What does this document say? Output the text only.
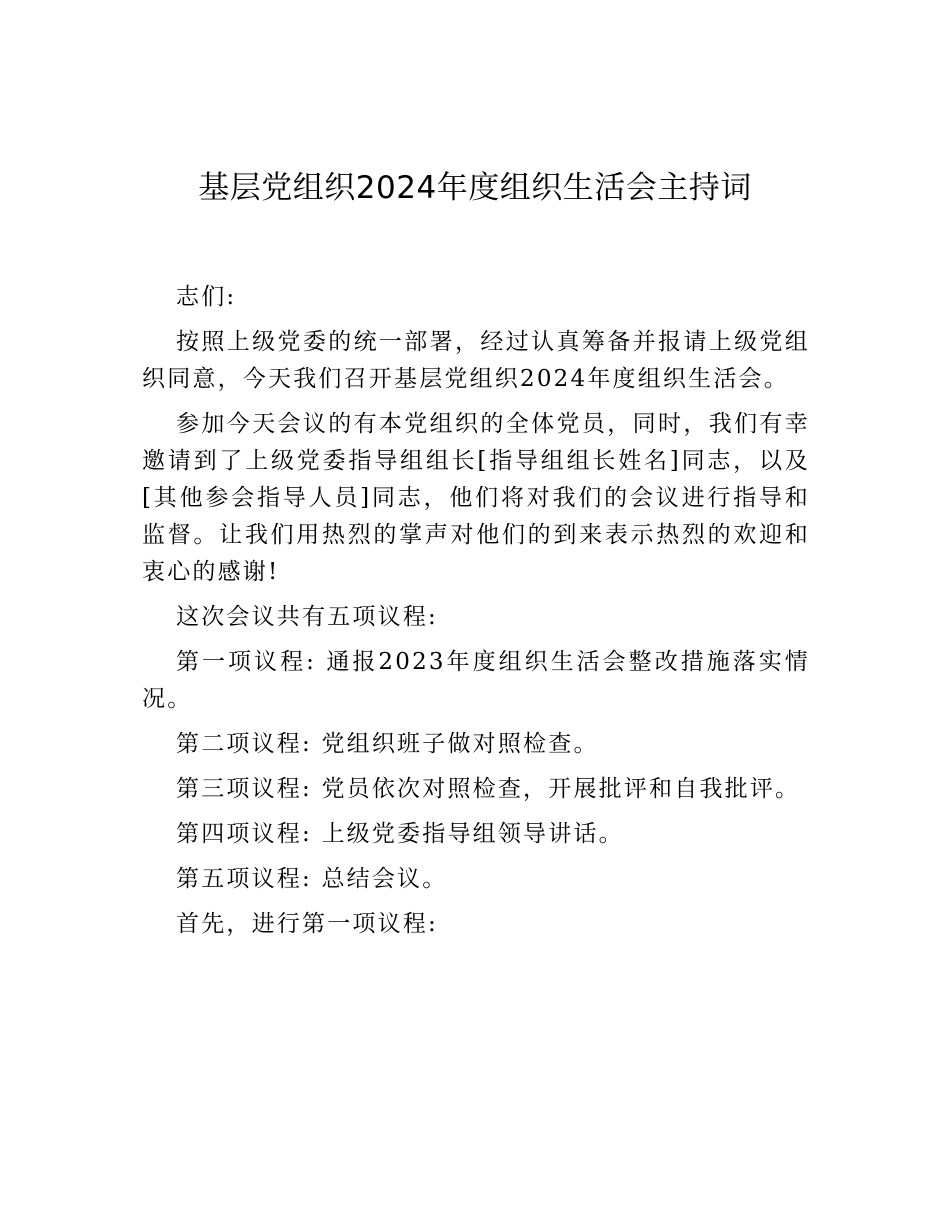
基层党组织2024年度组织生活会主持词

志们:

按照上级党委的统一部署，经过认真筹备并报请上级党组织同意，今天我们召开基层党组织2024年度组织生活会。

参加今天会议的有本党组织的全体党员，同时，我们有幸邀请到了上级党委指导组组长[指导组组长姓名]同志，以及[其他参会指导人员]同志，他们将对我们的会议进行指导和监督。让我们用热烈的掌声对他们的到来表示热烈的欢迎和衷心的感谢!

这次会议共有五项议程:

第一项议程: 通报2023年度组织生活会整改措施落实情况。

第二项议程: 党组织班子做对照检查。

第三项议程: 党员依次对照检查，开展批评和自我批评。

第四项议程: 上级党委指导组领导讲话。

第五项议程: 总结会议。

首先，进行第一项议程:
